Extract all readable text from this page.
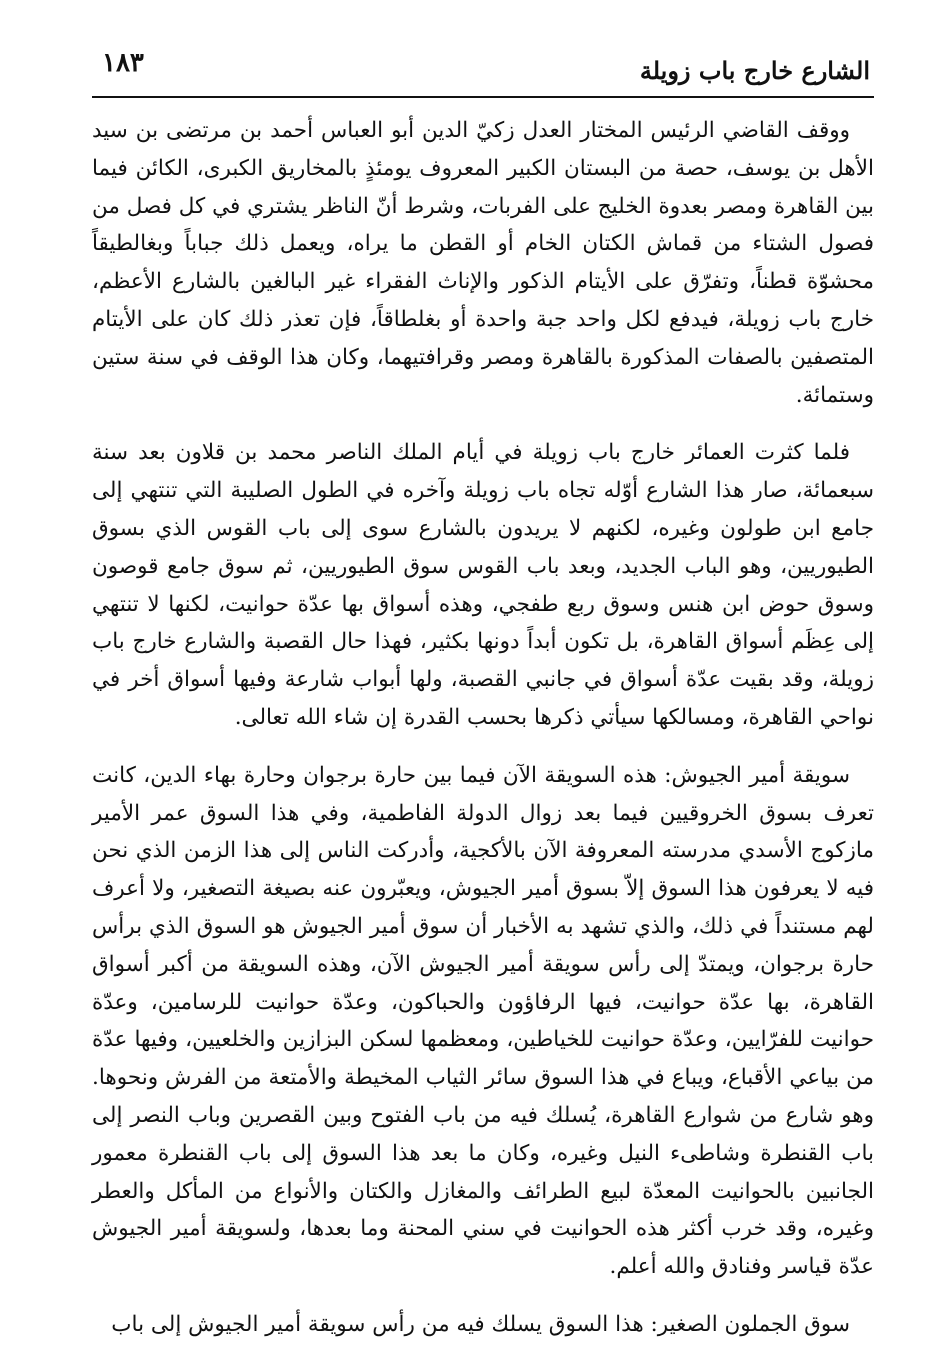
الشارع خارج باب زويلة
١٨٣

ووقف القاضي الرئيس المختار العدل زكيّ الدين أبو العباس أحمد بن مرتضى بن سيد الأهل بن يوسف، حصة من البستان الكبير المعروف يومئذٍ بالمخاريق الكبرى، الكائن فيما بين القاهرة ومصر بعدوة الخليج على الفربات، وشرط أنّ الناظر يشتري في كل فصل من فصول الشتاء من قماش الكتان الخام أو القطن ما يراه، ويعمل ذلك جباباً وبغالطيقاً محشوّة قطناً، وتفرّق على الأيتام الذكور والإناث الفقراء غير البالغين بالشارع الأعظم، خارج باب زويلة، فيدفع لكل واحد جبة واحدة أو بغلطاقاً، فإن تعذر ذلك كان على الأيتام المتصفين بالصفات المذكورة بالقاهرة ومصر وقرافتيهما، وكان هذا الوقف في سنة ستين وستمائة.

فلما كثرت العمائر خارج باب زويلة في أيام الملك الناصر محمد بن قلاون بعد سنة سبعمائة، صار هذا الشارع أوّله تجاه باب زويلة وآخره في الطول الصليبة التي تنتهي إلى جامع ابن طولون وغيره، لكنهم لا يريدون بالشارع سوى إلى باب القوس الذي بسوق الطيوريين، وهو الباب الجديد، وبعد باب القوس سوق الطيوريين، ثم سوق جامع قوصون وسوق حوض ابن هنس وسوق ربع طفجي، وهذه أسواق بها عدّة حوانيت، لكنها لا تنتهي إلى عِظَم أسواق القاهرة، بل تكون أبداً دونها بكثير، فهذا حال القصبة والشارع خارج باب زويلة، وقد بقيت عدّة أسواق في جانبي القصبة، ولها أبواب شارعة وفيها أسواق أخر في نواحي القاهرة، ومسالكها سيأتي ذكرها بحسب القدرة إن شاء الله تعالى.

سويقة أمير الجيوش: هذه السويقة الآن فيما بين حارة برجوان وحارة بهاء الدين، كانت تعرف بسوق الخروقيين فيما بعد زوال الدولة الفاطمية، وفي هذا السوق عمر الأمير مازكوج الأسدي مدرسته المعروفة الآن بالأكجية، وأدركت الناس إلى هذا الزمن الذي نحن فيه لا يعرفون هذا السوق إلاّ بسوق أمير الجيوش، ويعبّرون عنه بصيغة التصغير، ولا أعرف لهم مستنداً في ذلك، والذي تشهد به الأخبار أن سوق أمير الجيوش هو السوق الذي برأس حارة برجوان، ويمتدّ إلى رأس سويقة أمير الجيوش الآن، وهذه السويقة من أكبر أسواق القاهرة، بها عدّة حوانيت، فيها الرفاؤون والحباكون، وعدّة حوانيت للرسامين، وعدّة حوانيت للفرّايين، وعدّة حوانيت للخياطين، ومعظمها لسكن البزازين والخلعيين، وفيها عدّة من بياعي الأقباع، ويباع في هذا السوق سائر الثياب المخيطة والأمتعة من الفرش ونحوها. وهو شارع من شوارع القاهرة، يُسلك فيه من باب الفتوح وبين القصرين وباب النصر إلى باب القنطرة وشاطىء النيل وغيره، وكان ما بعد هذا السوق إلى باب القنطرة معمور الجانبين بالحوانيت المعدّة لبيع الطرائف والمغازل والكتان والأنواع من المأكل والعطر وغيره، وقد خرب أكثر هذه الحوانيت في سني المحنة وما بعدها، ولسويقة أمير الجيوش عدّة قياسر وفنادق والله أعلم.

سوق الجملون الصغير: هذا السوق يسلك فيه من رأس سويقة أمير الجيوش إلى باب
